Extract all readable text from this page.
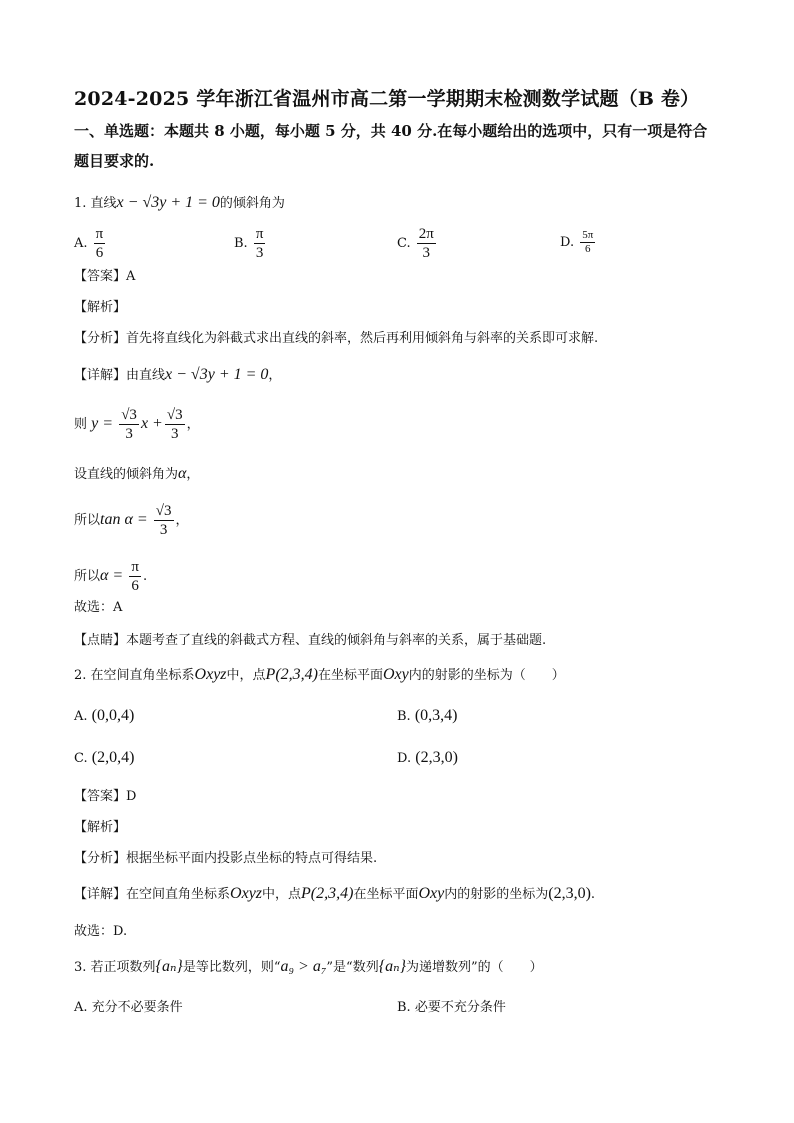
2024-2025 学年浙江省温州市高二第一学期期末检测数学试题（B 卷）
一、单选题：本题共 8 小题，每小题 5 分，共 40 分.在每小题给出的选项中，只有一项是符合
题目要求的.
1. 直线x − √3y + 1 = 0的倾斜角为
A. $\frac{\pi}{6}$	B. $\frac{\pi}{3}$	C. $\frac{2\pi}{3}$	D. $\frac{5\pi}{6}$
【答案】A
【解析】
【分析】首先将直线化为斜截式求出直线的斜率，然后再利用倾斜角与斜率的关系即可求解.
【详解】由直线x − √3y + 1 = 0，
则 $y = \frac{√3}{3}$ $x + \frac{√3}{3}$ ，
设直线的倾斜角为α，
所以$\tan \alpha = \frac{√3}{3}$ ，
所以$\alpha = \frac{\pi}{6}$ .
故选：A
【点睛】本题考查了直线的斜截式方程、直线的倾斜角与斜率的关系，属于基础题.
2. 在空间直角坐标系Oxyz中，点P(2,3,4)在坐标平面Oxy内的射影的坐标为（　　）
A. (0,0,4)	B. (0,3,4)
C. (2,0,4)	D. (2,3,0)
【答案】D
【解析】
【分析】根据坐标平面内投影点坐标的特点可得结果.
【详解】在空间直角坐标系Oxyz中，点P(2,3,4)在坐标平面Oxy内的射影的坐标为(2,3,0).
故选：D.
3. 若正项数列{aₙ}是等比数列，则“a₉ > a₇”是“数列{aₙ}为递增数列”的（　　）
A. 充分不必要条件	B. 必要不充分条件
